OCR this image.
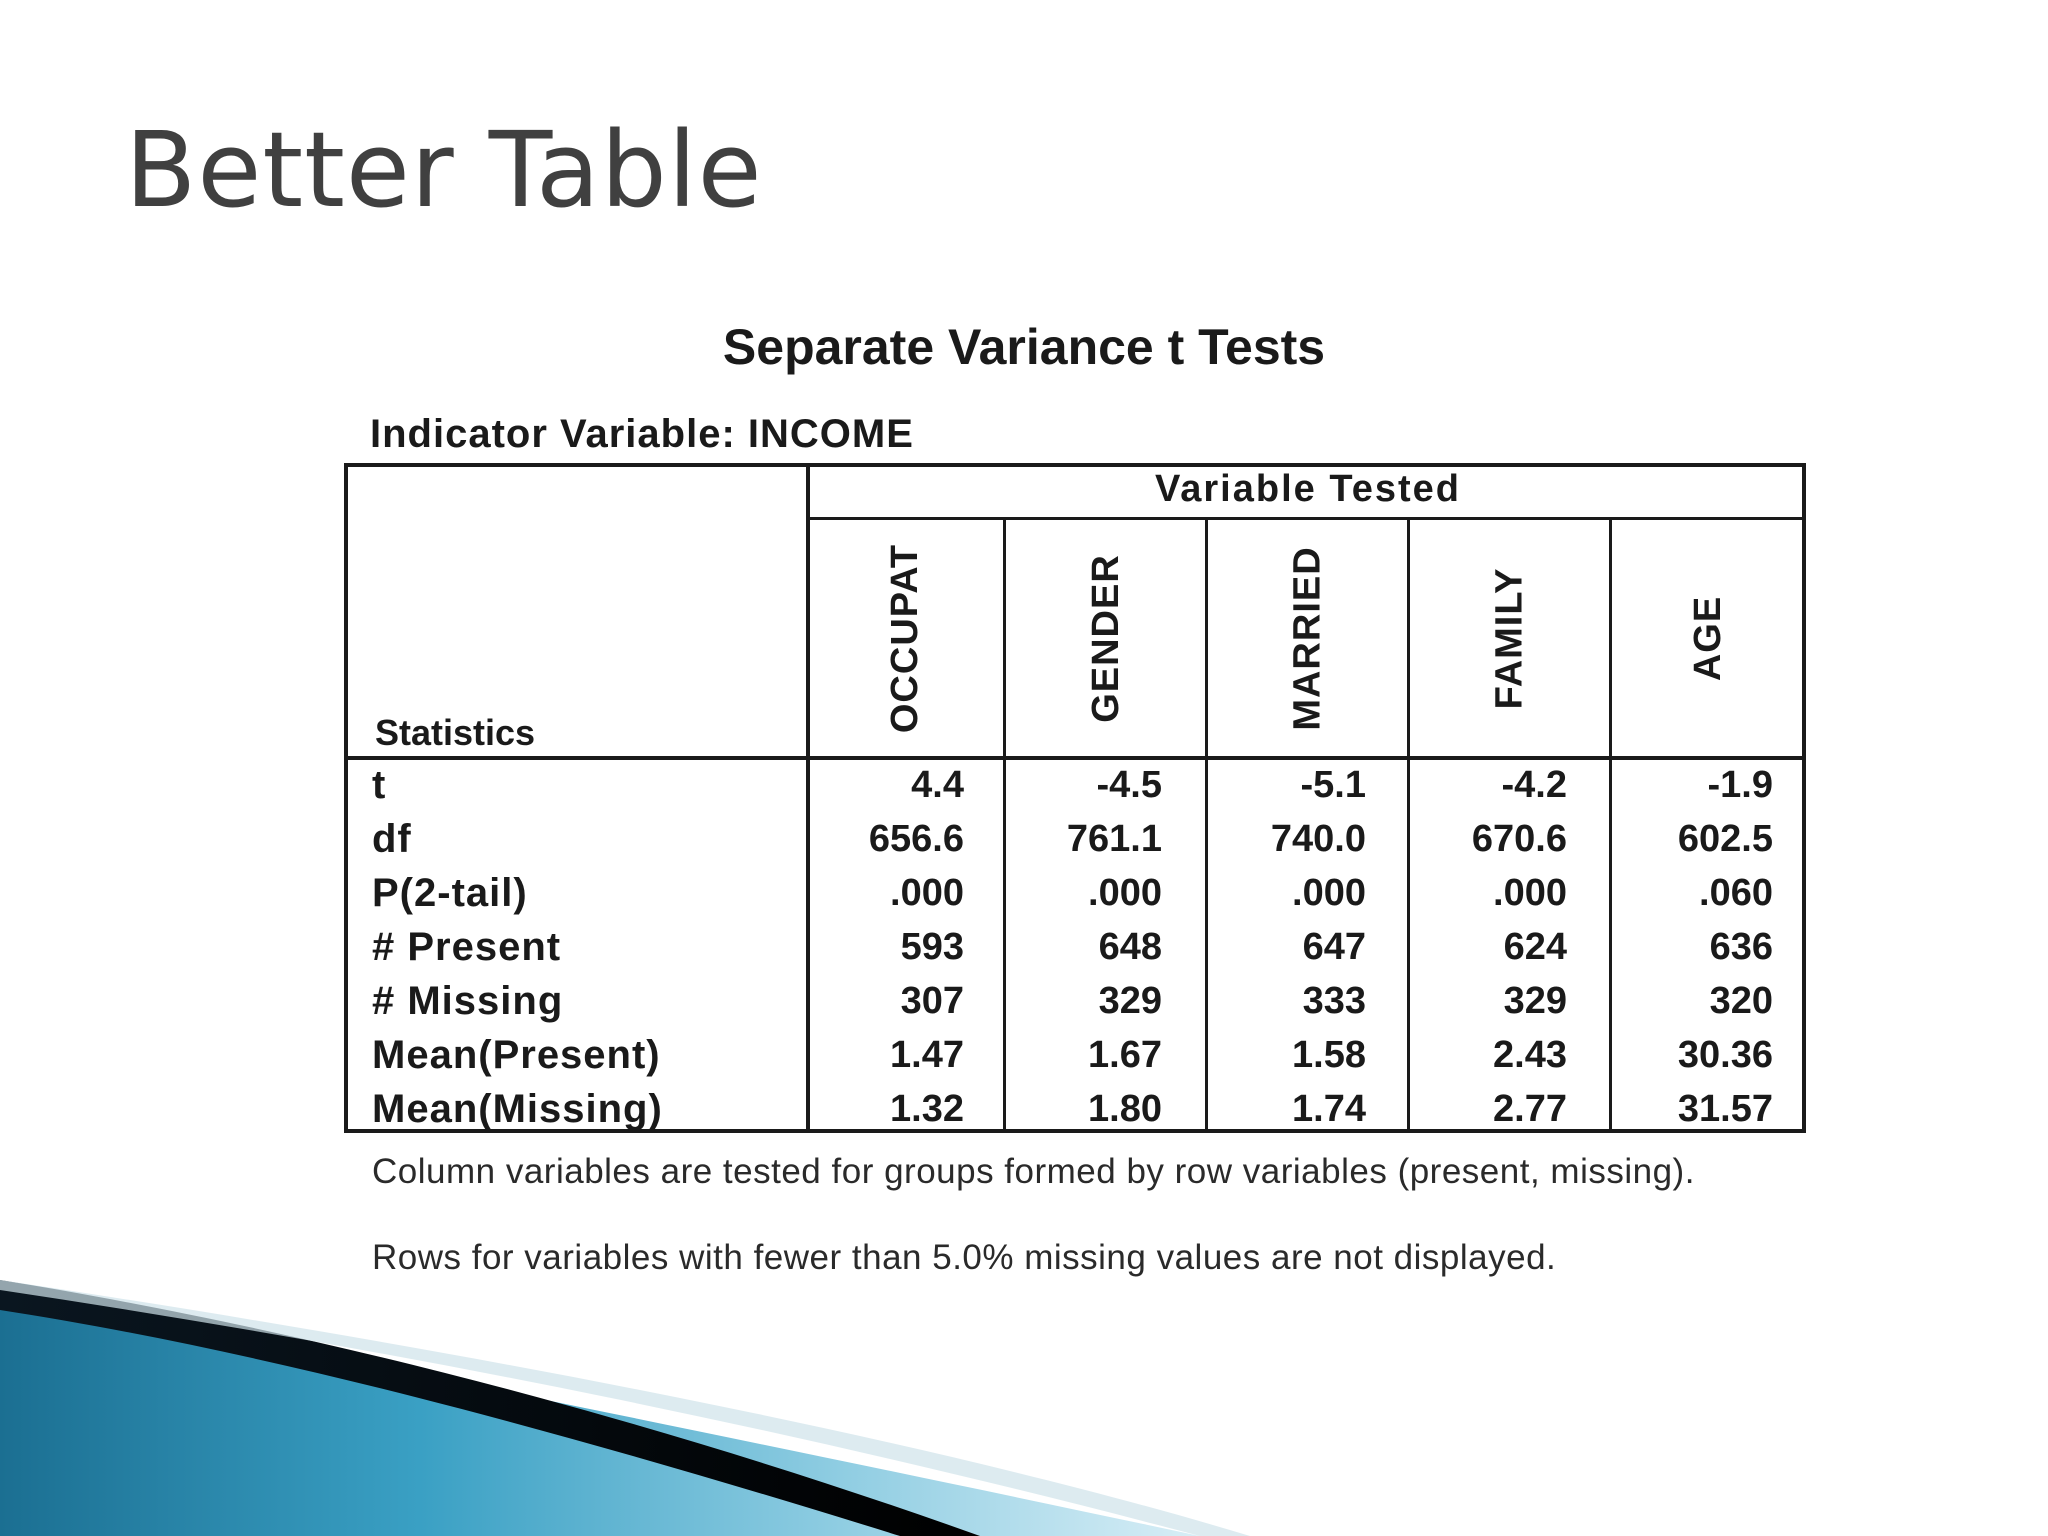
Better Table
Separate Variance t Tests
Indicator Variable: INCOME
Variable Tested
Statistics	OCCUPAT	GENDER	MARRIED	FAMILY	AGE
t	4.4	-4.5	-5.1	-4.2	-1.9
df	656.6	761.1	740.0	670.6	602.5
P(2-tail)	.000	.000	.000	.000	.060
# Present	593	648	647	624	636
# Missing	307	329	333	329	320
Mean(Present)	1.47	1.67	1.58	2.43	30.36
Mean(Missing)	1.32	1.80	1.74	2.77	31.57
Column variables are tested for groups formed by row variables (present, missing).
Rows for variables with fewer than 5.0% missing values are not displayed.
